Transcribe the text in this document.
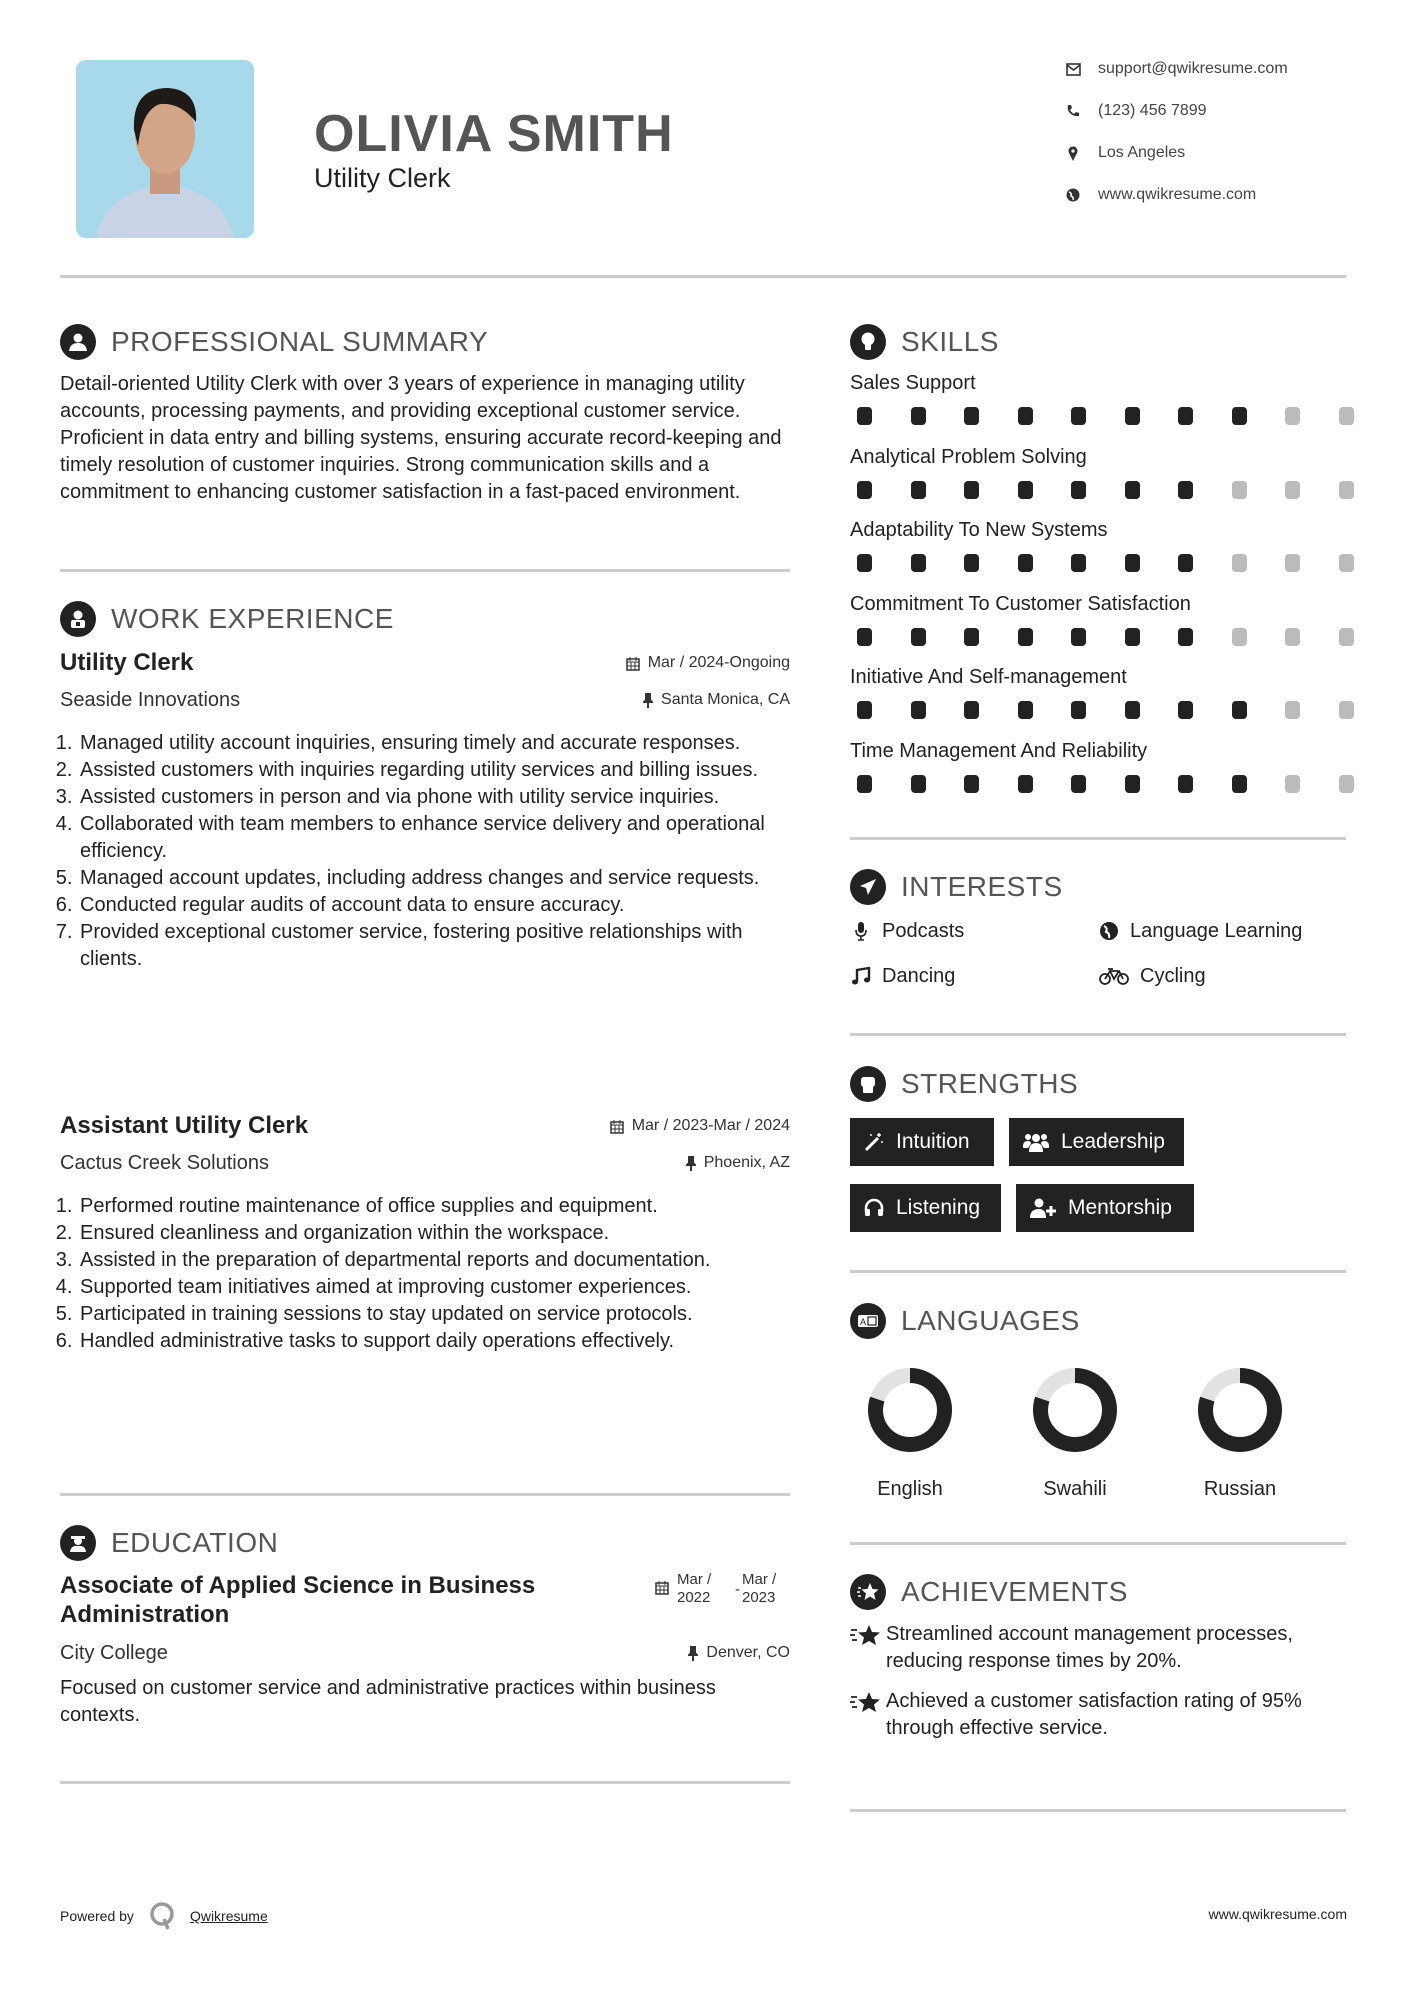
OLIVIA SMITH
Utility Clerk
support@qwikresume.com
(123) 456 7899
Los Angeles
www.qwikresume.com
PROFESSIONAL SUMMARY
Detail-oriented Utility Clerk with over 3 years of experience in managing utility accounts, processing payments, and providing exceptional customer service. Proficient in data entry and billing systems, ensuring accurate record-keeping and timely resolution of customer inquiries. Strong communication skills and a commitment to enhancing customer satisfaction in a fast-paced environment.
WORK EXPERIENCE
Utility Clerk	Mar / 2024-Ongoing
Seaside Innovations	Santa Monica, CA
1. Managed utility account inquiries, ensuring timely and accurate responses.
2. Assisted customers with inquiries regarding utility services and billing issues.
3. Assisted customers in person and via phone with utility service inquiries.
4. Collaborated with team members to enhance service delivery and operational efficiency.
5. Managed account updates, including address changes and service requests.
6. Conducted regular audits of account data to ensure accuracy.
7. Provided exceptional customer service, fostering positive relationships with clients.
Assistant Utility Clerk	Mar / 2023-Mar / 2024
Cactus Creek Solutions	Phoenix, AZ
1. Performed routine maintenance of office supplies and equipment.
2. Ensured cleanliness and organization within the workspace.
3. Assisted in the preparation of departmental reports and documentation.
4. Supported team initiatives aimed at improving customer experiences.
5. Participated in training sessions to stay updated on service protocols.
6. Handled administrative tasks to support daily operations effectively.
EDUCATION
Associate of Applied Science in Business Administration
Mar / 2022	-
Mar / 2023
City College	Denver, CO
Focused on customer service and administrative practices within business contexts.
SKILLS
Sales Support
Analytical Problem Solving
Adaptability To New Systems
Commitment To Customer Satisfaction
Initiative And Self-management
Time Management And Reliability
INTERESTS
Podcasts	Language Learning
Dancing	Cycling
STRENGTHS
Intuition	Leadership
Listening	Mentorship
A LANGUAGES
English	Swahili	Russian
ACHIEVEMENTS
Streamlined account management processes, reducing response times by 20%.
Achieved a customer satisfaction rating of 95% through effective service.
Powered by	Qwikresume	www.qwikresume.com
